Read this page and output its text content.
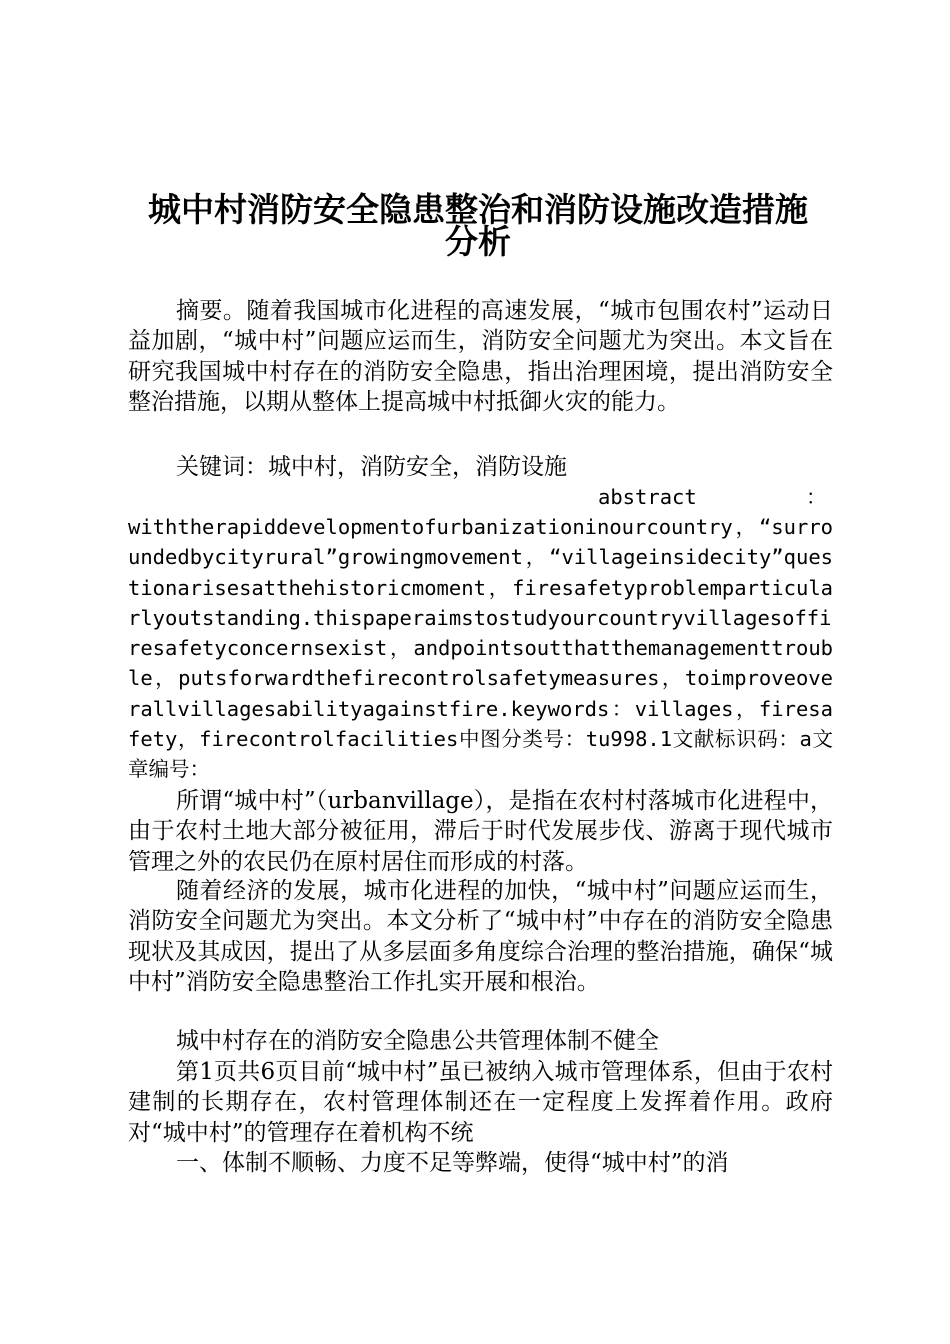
城中村消防安全隐患整治和消防设施改造措施
分析

摘要。随着我国城市化进程的高速发展，“城市包围农村”运动日益加剧，“城中村”问题应运而生，消防安全问题尤为突出。本文旨在研究我国城中村存在的消防安全隐患，指出治理困境，提出消防安全整治措施，以期从整体上提高城中村抵御火灾的能力。

关键词：城中村，消防安全，消防设施

abstract	：

withtherapiddevelopmentofurbanizationinourcountry，“surroundedbycityrural”growingmovement，“villageinsidecity”questionarisesatthehistoricmoment，firesafetyproblemparticularlyoutstanding.thispaperaimstostudyourcountryvillagesoffiresafetyconcernsexist，andpointsoutthatthemanagementtrouble，putsforwardthefirecontrolsafetymeasures，toimproveoverallvillagesabilityagainstfire.keywords：villages，firesafety，firecontrolfacilities中图分类号：tu998.1文献标识码：a文章编号：

所谓“城中村”（urbanvillage），是指在农村村落城市化进程中，由于农村土地大部分被征用，滞后于时代发展步伐、游离于现代城市管理之外的农民仍在原村居住而形成的村落。

随着经济的发展，城市化进程的加快，“城中村”问题应运而生，消防安全问题尤为突出。本文分析了“城中村”中存在的消防安全隐患现状及其成因，提出了从多层面多角度综合治理的整治措施，确保“城中村”消防安全隐患整治工作扎实开展和根治。

城中村存在的消防安全隐患公共管理体制不健全

第1页共6页目前“城中村”虽已被纳入城市管理体系，但由于农村建制的长期存在，农村管理体制还在一定程度上发挥着作用。政府对“城中村”的管理存在着机构不统

一、体制不顺畅、力度不足等弊端，使得“城中村”的消
